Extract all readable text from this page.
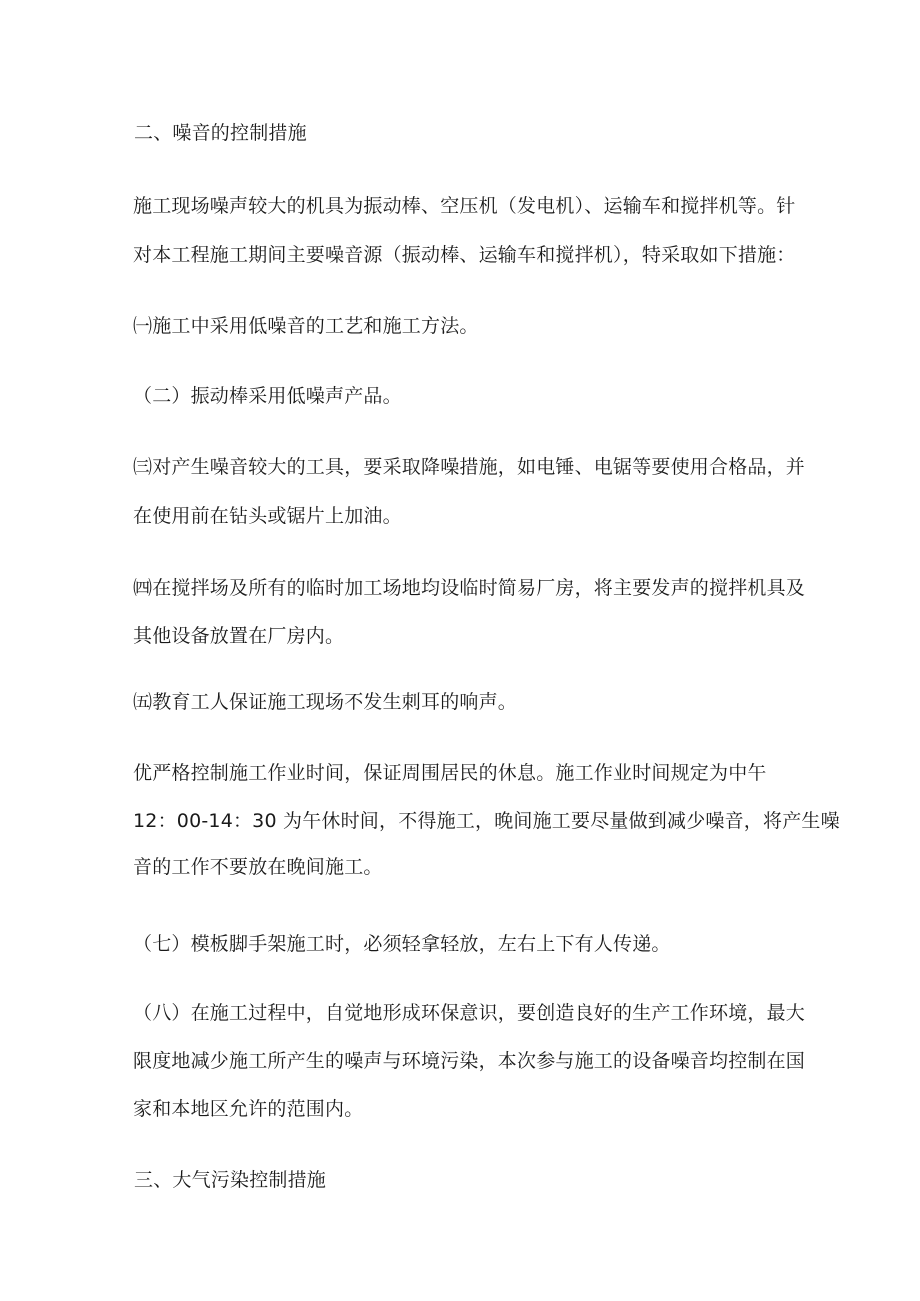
二、噪音的控制措施
施工现场噪声较大的机具为振动棒、空压机（发电机）、运输车和搅拌机等。针
对本工程施工期间主要噪音源（振动棒、运输车和搅拌机），特采取如下措施：
㈠施工中采用低噪音的工艺和施工方法。
（二）振动棒采用低噪声产品。
㈢对产生噪音较大的工具，要采取降噪措施，如电锤、电锯等要使用合格品，并
在使用前在钻头或锯片上加油。
㈣在搅拌场及所有的临时加工场地均设临时简易厂房，将主要发声的搅拌机具及
其他设备放置在厂房内。
㈤教育工人保证施工现场不发生刺耳的响声。
优严格控制施工作业时间，保证周围居民的休息。施工作业时间规定为中午
12：00-14：30 为午休时间，不得施工，晚间施工要尽量做到减少噪音，将产生噪
音的工作不要放在晚间施工。
（七）模板脚手架施工时，必须轻拿轻放，左右上下有人传递。
（八）在施工过程中，自觉地形成环保意识，要创造良好的生产工作环境，最大
限度地减少施工所产生的噪声与环境污染，本次参与施工的设备噪音均控制在国
家和本地区允许的范围内。
三、大气污染控制措施
